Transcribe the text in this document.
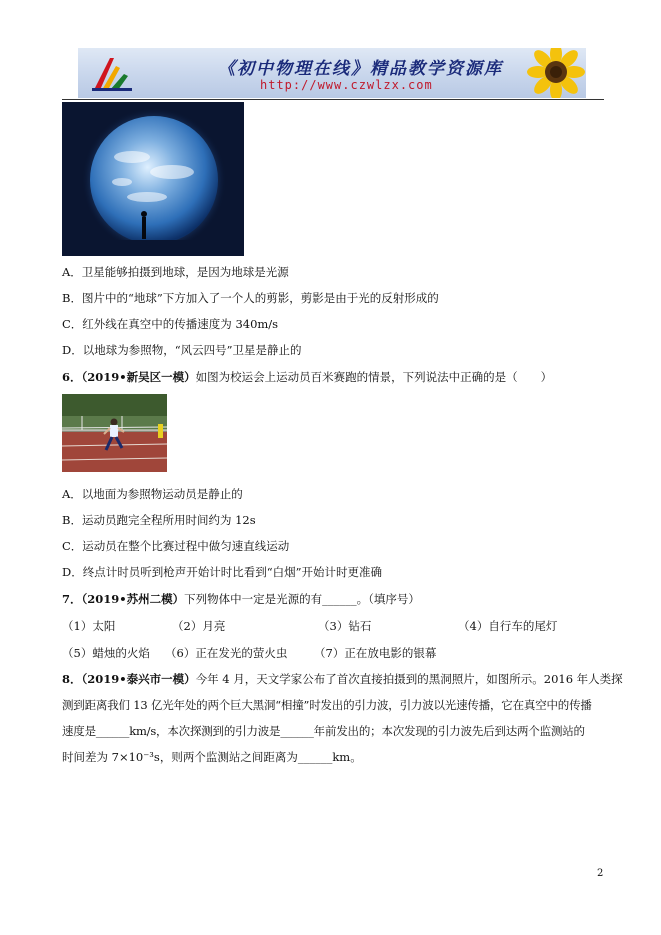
《初中物理在线》精品教学资源库
http://www.czwlzx.com
A．卫星能够拍摄到地球，是因为地球是光源
B．图片中的“地球”下方加入了一个人的剪影，剪影是由于光的反射形成的
C．红外线在真空中的传播速度为 340m/s
D．以地球为参照物，“风云四号”卫星是静止的
6．（2019•新吴区一模）如图为校运会上运动员百米赛跑的情景，下列说法中正确的是（　　）
A．以地面为参照物运动员是静止的
B．运动员跑完全程所用时间约为 12s
C．运动员在整个比赛过程中做匀速直线运动
D．终点计时员听到枪声开始计时比看到“白烟”开始计时更准确
7．（2019•苏州二模）下列物体中一定是光源的有______。（填序号）
（1）太阳	（2）月亮	（3）钻石	（4）自行车的尾灯
（5）蜡烛的火焰 （6）正在发光的萤火虫 （7）正在放电影的银幕
8．（2019•泰兴市一模）今年 4 月，天文学家公布了首次直接拍摄到的黑洞照片，如图所示。2016 年人类探
测到距离我们 13 亿光年处的两个巨大黑洞“相撞”时发出的引力波，引力波以光速传播，它在真空中的传播
速度是______km/s，本次探测到的引力波是______年前发出的；本次发现的引力波先后到达两个监测站的
时间差为 7×10⁻³s，则两个监测站之间距离为______km。
2
